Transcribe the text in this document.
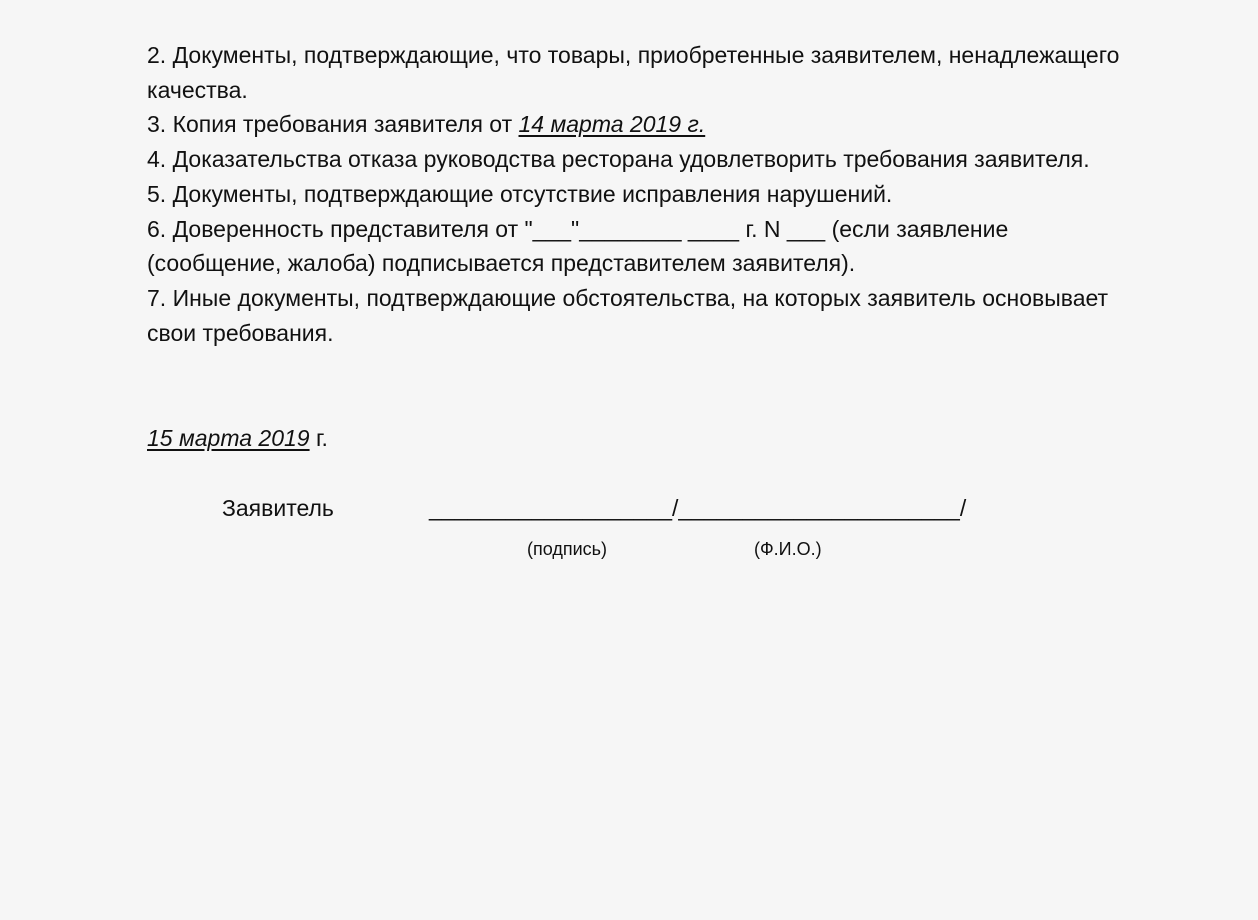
2. Документы, подтверждающие, что товары, приобретенные заявителем, ненадлежащего качества.

3. Копия требования заявителя от 14 марта 2019 г.

4. Доказательства отказа руководства ресторана удовлетворить требования заявителя.

5. Документы, подтверждающие отсутствие исправления нарушений.

6. Доверенность представителя от "___"________ ____ г. N ___ (если заявление (сообщение, жалоба) подписывается представителем заявителя).

7. Иные документы, подтверждающие обстоятельства, на которых заявитель основывает свои требования.

15 марта 2019 г.
Заявитель	___________________/______________________/
(подпись)	(Ф.И.О.)
